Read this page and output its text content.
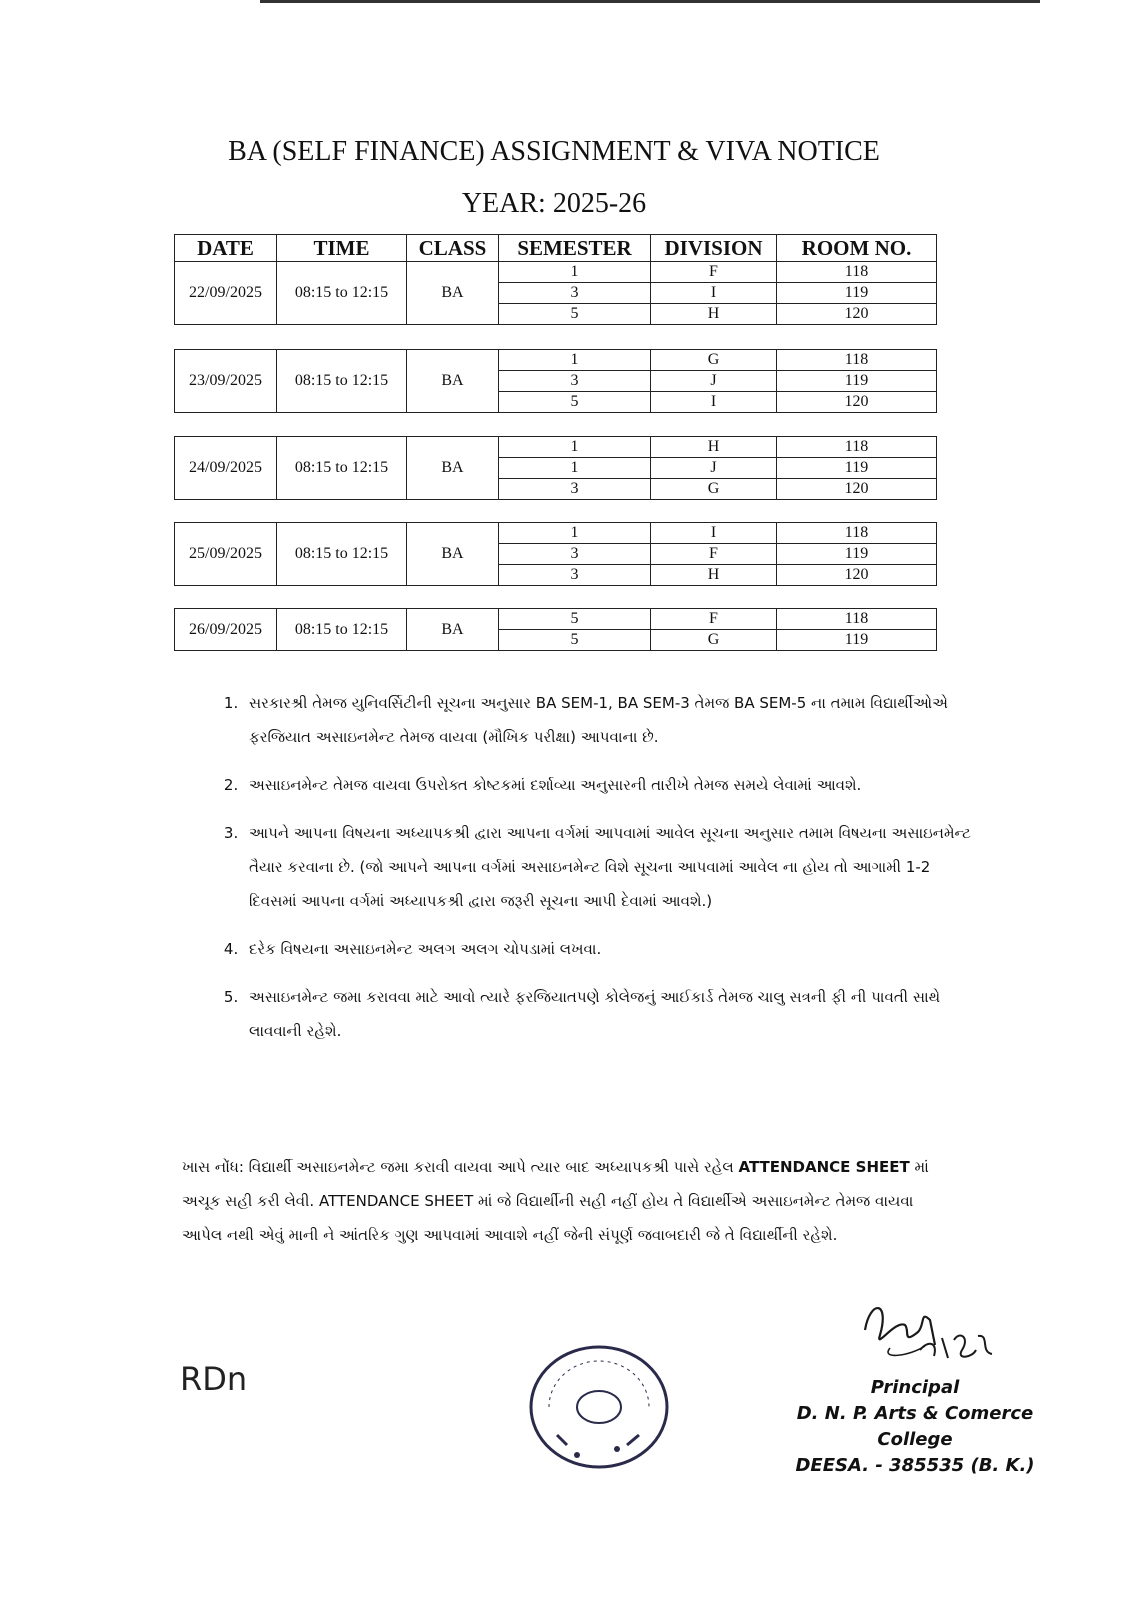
BA (SELF FINANCE) ASSIGNMENT & VIVA NOTICE
YEAR: 2025-26
DATE	TIME	CLASS	SEMESTER	DIVISION	ROOM NO.
22/09/2025	08:15 to 12:15	BA	1	F	118
			3	I	119
			5	H	120
23/09/2025	08:15 to 12:15	BA	1	G	118
			3	J	119
			5	I	120
24/09/2025	08:15 to 12:15	BA	1	H	118
			1	J	119
			3	G	120
25/09/2025	08:15 to 12:15	BA	1	I	118
			3	F	119
			3	H	120
26/09/2025	08:15 to 12:15	BA	5	F	118
			5	G	119
1. સરકારશ્રી તેમજ યુનિવર્સિટીની સૂચના અનુસાર BA SEM-1, BA SEM-3 તેમજ BA SEM-5 ના તમામ વિદ્યાર્થીઓએ ફરજિયાત અસાઇનમેન્ટ તેમજ વાયવા (મૌખિક પરીક્ષા) આપવાના છે.
2. અસાઇનમેન્ટ તેમજ વાયવા ઉપરોક્ત કોષ્ટકમાં દર્શાવ્યા અનુસારની તારીખે તેમજ સમયે લેવામાં આવશે.
3. આપને આપના વિષયના અધ્યાપકશ્રી દ્વારા આપના વર્ગમાં આપવામાં આવેલ સૂચના અનુસાર તમામ વિષયના અસાઇનમેન્ટ તૈયાર કરવાના છે. (જો આપને આપના વર્ગમાં અસાઇનમેન્ટ વિશે સૂચના આપવામાં આવેલ ના હોય તો આગામી 1-2 દિવસમાં આપના વર્ગમાં અધ્યાપકશ્રી દ્વારા જરૂરી સૂચના આપી દેવામાં આવશે.)
4. દરેક વિષયના અસાઇનમેન્ટ અલગ અલગ ચોપડામાં લખવા.
5. અસાઇનમેન્ટ જમા કરાવવા માટે આવો ત્યારે ફરજિયાતપણે કોલેજનું આઈકાર્ડ તેમજ ચાલુ સત્રની ફી ની પાવતી સાથે લાવવાની રહેશે.
ખાસ નોંધ: વિદ્યાર્થી અસાઇનમેન્ટ જમા કરાવી વાયવા આપે ત્યાર બાદ અધ્યાપકશ્રી પાસે રહેલ ATTENDANCE SHEET માં અચૂક સહી કરી લેવી. ATTENDANCE SHEET માં જે વિદ્યાર્થીની સહી નહીં હોય તે વિદ્યાર્થીએ અસાઇનમેન્ટ તેમજ વાયવા આપેલ નથી એવું માની ને આંતરિક ગુણ આપવામાં આવાશે નહીં જેની સંપૂર્ણ જવાબદારી જે તે વિદ્યાર્થીની રહેશે.
RDn	Principal
D. N. P. Arts & Comerce College
DEESA. - 385535 (B. K.)
